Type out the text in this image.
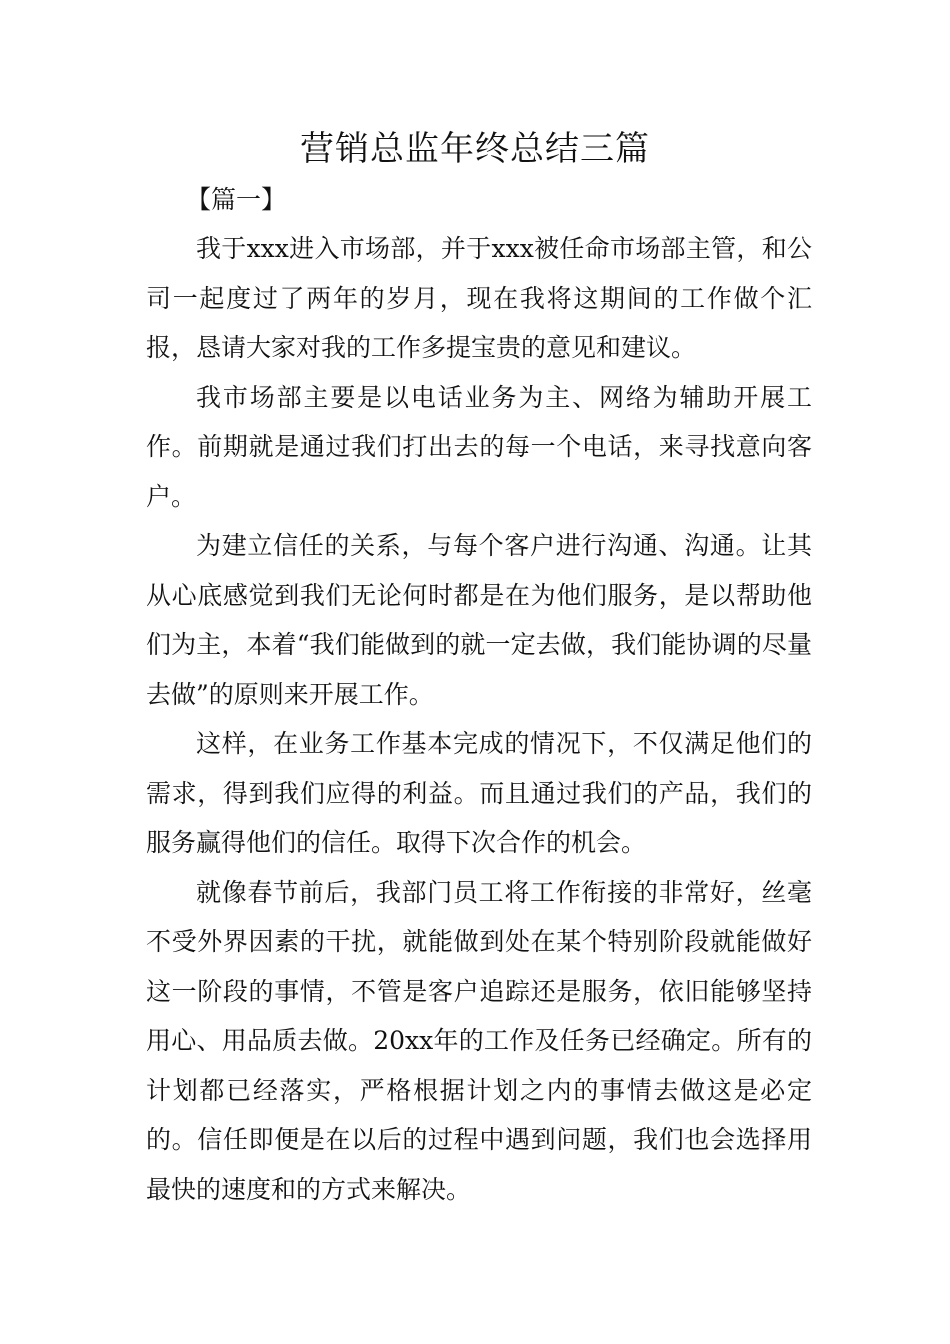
营销总监年终总结三篇
【篇一】

我于xxx进入市场部，并于xxx被任命市场部主管，和公司一起度过了两年的岁月，现在我将这期间的工作做个汇报，恳请大家对我的工作多提宝贵的意见和建议。

我市场部主要是以电话业务为主、网络为辅助开展工作。前期就是通过我们打出去的每一个电话，来寻找意向客户。

为建立信任的关系，与每个客户进行沟通、沟通。让其从心底感觉到我们无论何时都是在为他们服务，是以帮助他们为主，本着“我们能做到的就一定去做，我们能协调的尽量去做”的原则来开展工作。

这样，在业务工作基本完成的情况下，不仅满足他们的需求，得到我们应得的利益。而且通过我们的产品，我们的服务赢得他们的信任。取得下次合作的机会。

就像春节前后，我部门员工将工作衔接的非常好，丝毫不受外界因素的干扰，就能做到处在某个特别阶段就能做好这一阶段的事情，不管是客户追踪还是服务，依旧能够坚持用心、用品质去做。20xx年的工作及任务已经确定。所有的计划都已经落实，严格根据计划之内的事情去做这是必定的。信任即便是在以后的过程中遇到问题，我们也会选择用最快的速度和的方式来解决。
